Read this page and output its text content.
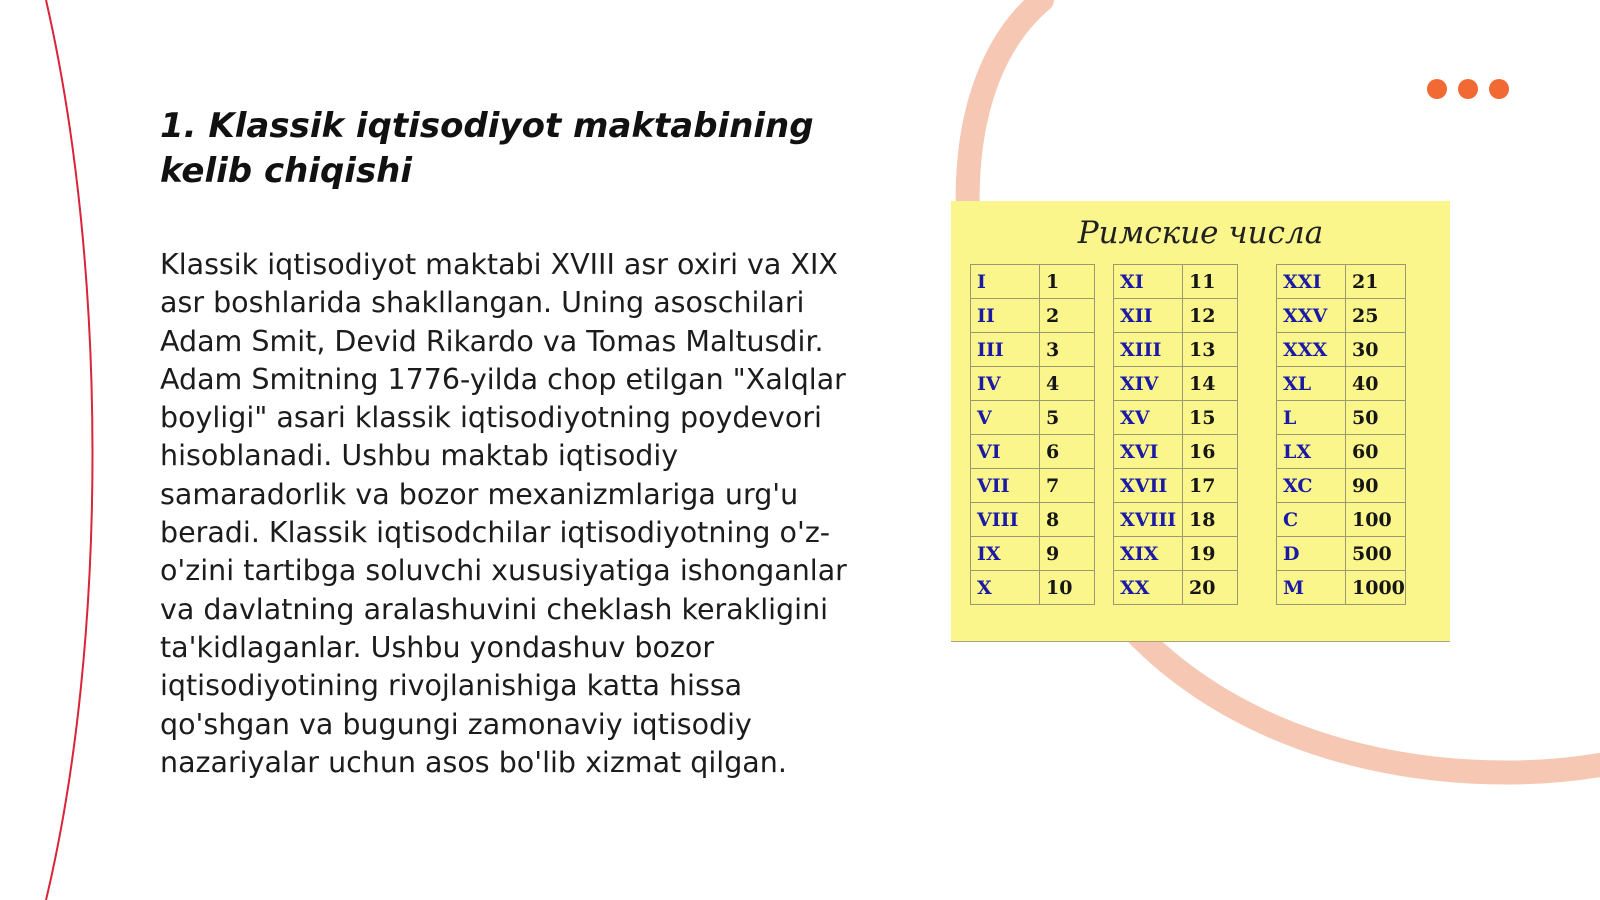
1. Klassik iqtisodiyot maktabining kelib chiqishi

Klassik iqtisodiyot maktabi XVIII asr oxiri va XIX asr boshlarida shakllangan. Uning asoschilari Adam Smit, Devid Rikardo va Tomas Maltusdir. Adam Smitning 1776-yilda chop etilgan "Xalqlar boyligi" asari klassik iqtisodiyotning poydevori hisoblanadi. Ushbu maktab iqtisodiy samaradorlik va bozor mexanizmlariga urg'u beradi. Klassik iqtisodchilar iqtisodiyotning o'z-o'zini tartibga soluvchi xususiyatiga ishonganlar va davlatning aralashuvini cheklash kerakligini ta'kidlaganlar. Ushbu yondashuv bozor iqtisodiyotining rivojlanishiga katta hissa qo'shgan va bugungi zamonaviy iqtisodiy nazariyalar uchun asos bo'lib xizmat qilgan.

Римские числа
I	1
II	2
III	3
IV	4
V	5
VI	6
VII	7
VIII	8
IX	9
X	10
XI	11
XII	12
XIII	13
XIV	14
XV	15
XVI	16
XVII	17
XVIII	18
XIX	19
XX	20
XXI	21
XXV	25
XXX	30
XL	40
L	50
LX	60
XC	90
C	100
D	500
M	1000
